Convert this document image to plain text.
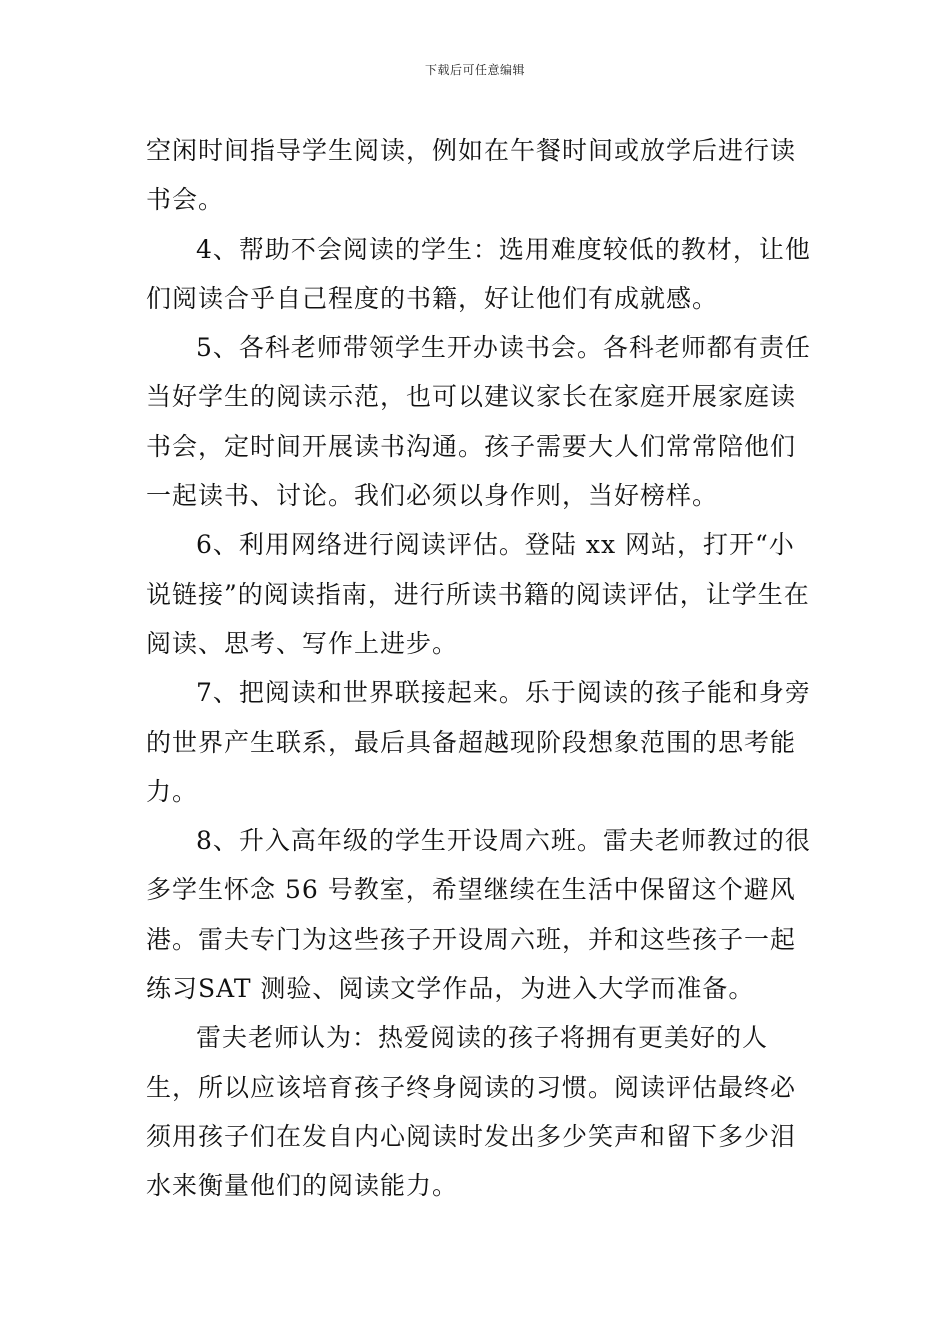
下载后可任意编辑

空闲时间指导学生阅读，例如在午餐时间或放学后进行读书会。

4、帮助不会阅读的学生：选用难度较低的教材，让他们阅读合乎自己程度的书籍，好让他们有成就感。

5、各科老师带领学生开办读书会。各科老师都有责任当好学生的阅读示范，也可以建议家长在家庭开展家庭读书会，定时间开展读书沟通。孩子需要大人们常常陪他们一起读书、讨论。我们必须以身作则，当好榜样。

6、利用网络进行阅读评估。登陆 xx 网站，打开“小说链接”的阅读指南，进行所读书籍的阅读评估，让学生在阅读、思考、写作上进步。

7、把阅读和世界联接起来。乐于阅读的孩子能和身旁的世界产生联系，最后具备超越现阶段想象范围的思考能力。

8、升入高年级的学生开设周六班。雷夫老师教过的很多学生怀念 56 号教室，希望继续在生活中保留这个避风港。雷夫专门为这些孩子开设周六班，并和这些孩子一起练习SAT 测验、阅读文学作品，为进入大学而准备。

雷夫老师认为：热爱阅读的孩子将拥有更美好的人生，所以应该培育孩子终身阅读的习惯。阅读评估最终必须用孩子们在发自内心阅读时发出多少笑声和留下多少泪水来衡量他们的阅读能力。
